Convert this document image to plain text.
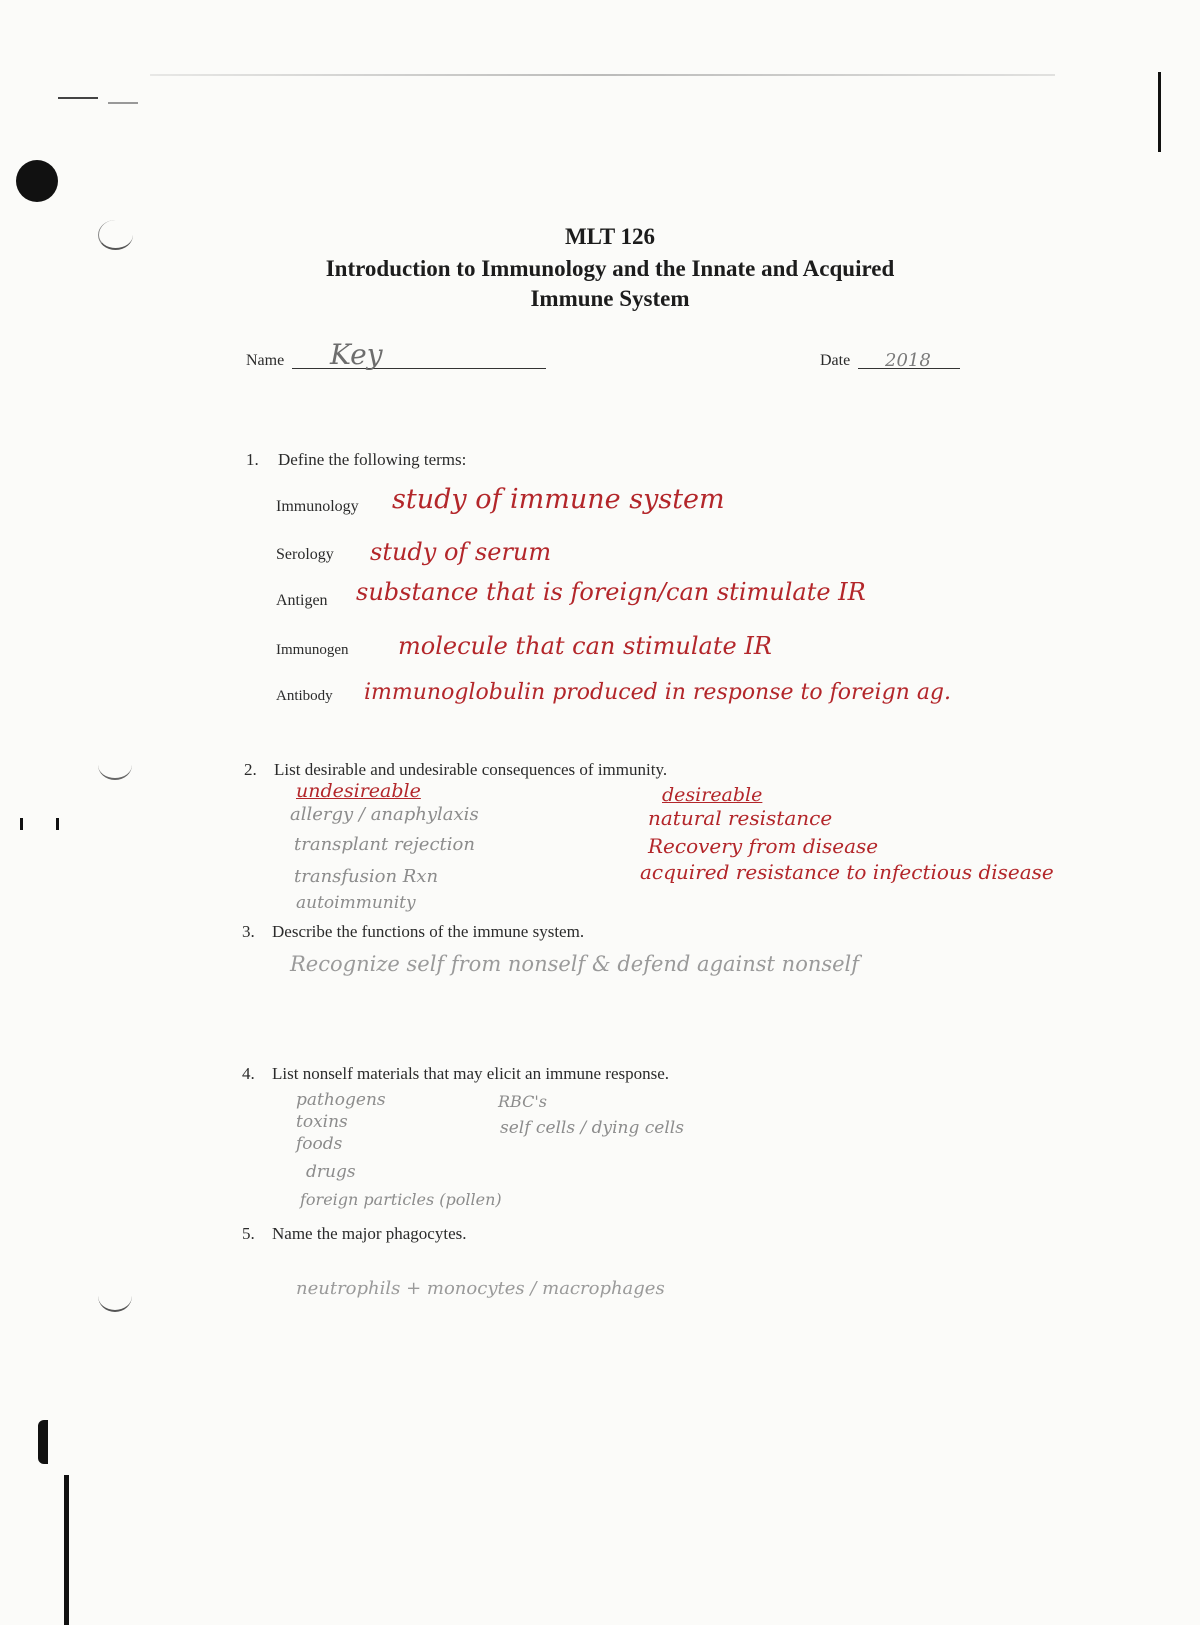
MLT 126
Introduction to Immunology and the Innate and Acquired
Immune System
Name Key	Date 2018
1. Define the following terms:
Immunology study of immune system
Serology study of serum
Antigen substance that is foreign/can stimulate IR
Immunogen molecule that can stimulate IR
Antibody immunoglobulin produced in response to foreign ag.
2. List desirable and undesirable consequences of immunity.
undesireable
allergy / anaphylaxis
transplant rejection
transfusion Rxn
autoimmunity
desireable
natural resistance
Recovery from disease
acquired resistance to infectious disease
3. Describe the functions of the immune system.
Recognize self from nonself & defend against nonself
4. List nonself materials that may elicit an immune response.
pathogens
toxins
foods
drugs
foreign particles (pollen)
RBC's
self cells / dying cells
5. Name the major phagocytes.
neutrophils + monocytes / macrophages
